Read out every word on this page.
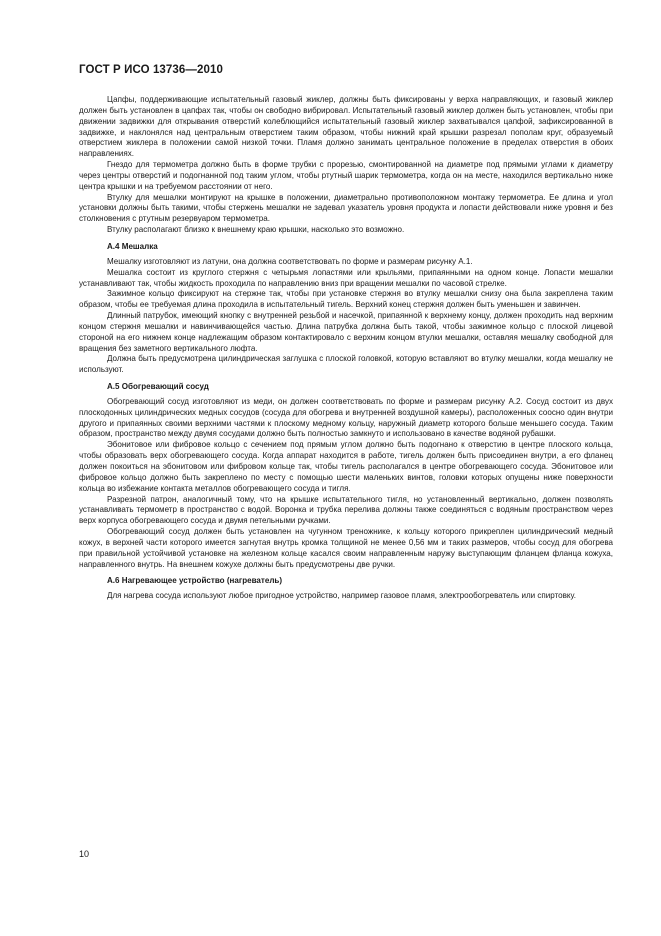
ГОСТ Р ИСО 13736—2010

Цапфы, поддерживающие испытательный газовый жиклер, должны быть фиксированы у верха направляющих, и газовый жиклер должен быть установлен в цапфах так, чтобы он свободно вибрировал. Испытательный газовый жиклер должен быть установлен, чтобы при движении задвижки для открывания отверстий колеблющийся испытательный газовый жиклер захватывался цапфой, зафиксированной в задвижке, и наклонялся над центральным отверстием таким образом, чтобы нижний край крышки разрезал пополам круг, образуемый отверстием жиклера в положении самой низкой точки. Пламя должно занимать центральное положение в пределах отверстия в обоих направлениях.

Гнездо для термометра должно быть в форме трубки с прорезью, смонтированной на диаметре под прямыми углами к диаметру через центры отверстий и подогнанной под таким углом, чтобы ртутный шарик термометра, когда он на месте, находился вертикально ниже центра крышки и на требуемом расстоянии от него.

Втулку для мешалки монтируют на крышке в положении, диаметрально противоположном монтажу термометра. Ее длина и угол установки должны быть такими, чтобы стержень мешалки не задевал указатель уровня продукта и лопасти действовали ниже уровня и без столкновения с ртутным резервуаром термометра.

Втулку располагают близко к внешнему краю крышки, насколько это возможно.

А.4 Мешалка

Мешалку изготовляют из латуни, она должна соответствовать по форме и размерам рисунку А.1.

Мешалка состоит из круглого стержня с четырьмя лопастями или крыльями, припаянными на одном конце. Лопасти мешалки устанавливают так, чтобы жидкость проходила по направлению вниз при вращении мешалки по часовой стрелке.

Зажимное кольцо фиксируют на стержне так, чтобы при установке стержня во втулку мешалки снизу она была закреплена таким образом, чтобы ее требуемая длина проходила в испытательный тигель. Верхний конец стержня должен быть уменьшен и завинчен.

Длинный патрубок, имеющий кнопку с внутренней резьбой и насечкой, припаянной к верхнему концу, должен проходить над верхним концом стержня мешалки и навинчивающейся частью. Длина патрубка должна быть такой, чтобы зажимное кольцо с плоской лицевой стороной на его нижнем конце надлежащим образом контактировало с верхним концом втулки мешалки, оставляя мешалку свободной для вращения без заметного вертикального люфта.

Должна быть предусмотрена цилиндрическая заглушка с плоской головкой, которую вставляют во втулку мешалки, когда мешалку не используют.

А.5 Обогревающий сосуд

Обогревающий сосуд изготовляют из меди, он должен соответствовать по форме и размерам рисунку А.2. Сосуд состоит из двух плоскодонных цилиндрических медных сосудов (сосуда для обогрева и внутренней воздушной камеры), расположенных соосно один внутри другого и припаянных своими верхними частями к плоскому медному кольцу, наружный диаметр которого больше меньшего сосуда. Таким образом, пространство между двумя сосудами должно быть полностью замкнуто и использовано в качестве водяной рубашки.

Эбонитовое или фибровое кольцо с сечением под прямым углом должно быть подогнано к отверстию в центре плоского кольца, чтобы образовать верх обогревающего сосуда. Когда аппарат находится в работе, тигель должен быть присоединен внутри, а его фланец должен покоиться на эбонитовом или фибровом кольце так, чтобы тигель располагался в центре обогревающего сосуда. Эбонитовое или фибровое кольцо должно быть закреплено по месту с помощью шести маленьких винтов, головки которых опущены ниже поверхности кольца во избежание контакта металлов обогревающего сосуда и тигля.

Разрезной патрон, аналогичный тому, что на крышке испытательного тигля, но установленный вертикально, должен позволять устанавливать термометр в пространство с водой. Воронка и трубка перелива должны также соединяться с водяным пространством через верх корпуса обогревающего сосуда и двумя петельными ручками.

Обогревающий сосуд должен быть установлен на чугунном треножнике, к кольцу которого прикреплен цилиндрический медный кожух, в верхней части которого имеется загнутая внутрь кромка толщиной не менее 0,56 мм и таких размеров, чтобы сосуд для обогрева при правильной устойчивой установке на железном кольце касался своим направленным наружу выступающим фланцем фланца кожуха, направленного внутрь. На внешнем кожухе должны быть предусмотрены две ручки.

А.6 Нагревающее устройство (нагреватель)

Для нагрева сосуда используют любое пригодное устройство, например газовое пламя, электрообогреватель или спиртовку.

10
